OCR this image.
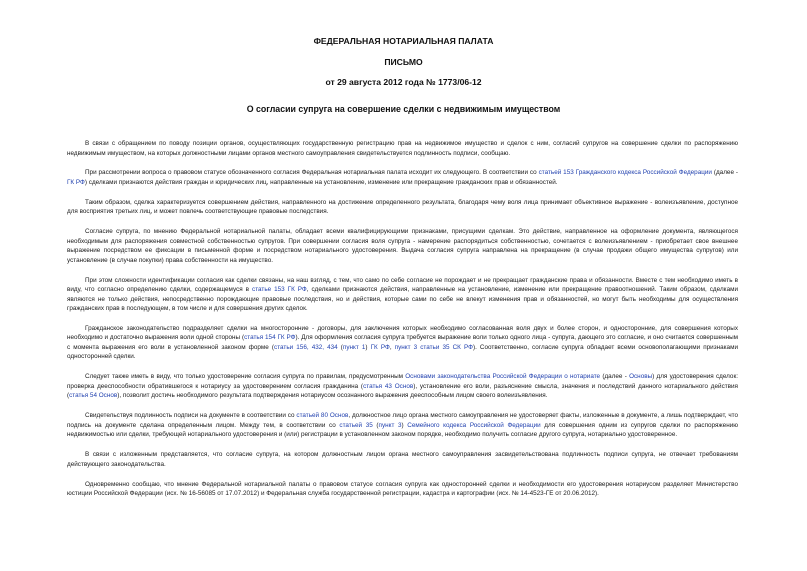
ФЕДЕРАЛЬНАЯ НОТАРИАЛЬНАЯ ПАЛАТА
ПИСЬМО
от 29 августа 2012 года № 1773/06-12
О согласии супруга на совершение сделки с недвижимым имуществом

В связи с обращением по поводу позиции органов, осуществляющих государственную регистрацию прав на недвижимое имущество и сделок с ним, согласий супругов на совершение сделки по распоряжению недвижимым имуществом, на которых должностными лицами органов местного самоуправления свидетельствуется подлинность подписи, сообщаю.

При рассмотрении вопроса о правовом статусе обозначенного согласия Федеральная нотариальная палата исходит их следующего. В соответствии со статьей 153 Гражданского кодекса Российской Федерации (далее - ГК РФ) сделками признаются действия граждан и юридических лиц, направленные на установление, изменение или прекращение гражданских прав и обязанностей.

Таким образом, сделка характеризуется совершением действия, направленного на достижение определенного результата, благодаря чему воля лица принимает объективное выражение - волеизъявление, доступное для восприятия третьих лиц, и может повлечь соответствующие правовые последствия.

Согласие супруга, по мнению Федеральной нотариальной палаты, обладает всеми квалифицирующими признаками, присущими сделкам. Это действие, направленное на оформление документа, являющегося необходимым для распоряжения совместной собственностью супругов. При совершении согласия воля супруга - намерение распорядиться собственностью, сочетается с волеизъявлением - приобретает свое внешнее выражение посредством ее фиксации в письменной форме и посредством нотариального удостоверения. Выдача согласия супруга направлена на прекращение (в случае продажи общего имущества супругов) или установление (в случае покупки) права собственности на имущество.

При этом сложности идентификации согласия как сделки связаны, на наш взгляд, с тем, что само по себе согласие не порождает и не прекращает гражданские права и обязанности. Вместе с тем необходимо иметь в виду, что согласно определению сделки, содержащемуся в статье 153 ГК РФ, сделками признаются действия, направленные на установление, изменение или прекращение правоотношений. Таким образом, сделками являются не только действия, непосредственно порождающие правовые последствия, но и действия, которые сами по себе не влекут изменения прав и обязанностей, но могут быть необходимы для осуществления гражданских прав в последующем, в том числе и для совершения других сделок.

Гражданское законодательство подразделяет сделки на многосторонние - договоры, для заключения которых необходимо согласованная воля двух и более сторон, и односторонние, для совершения которых необходимо и достаточно выражения воли одной стороны (статья 154 ГК РФ). Для оформления согласия супруга требуется выражение воли только одного лица - супруга, дающего это согласие, и оно считается совершенным с момента выражения его воли в установленной законом форме (статьи 156, 432, 434 (пункт 1) ГК РФ, пункт 3 статьи 35 СК РФ). Соответственно, согласие супруга обладает всеми основополагающими признаками односторонней сделки.

Следует также иметь в виду, что только удостоверение согласия супруга по правилам, предусмотренным Основами законодательства Российской Федерации о нотариате (далее - Основы) для удостоверения сделок: проверка дееспособности обратившегося к нотариусу за удостоверением согласия гражданина (статья 43 Основ), установление его воли, разъяснение смысла, значения и последствий данного нотариального действия (статья 54 Основ), позволит достичь необходимого результата подтверждения нотариусом осознанного выражения дееспособным лицом своего волеизъявления.

Свидетельствуя подлинность подписи на документе в соответствии со статьей 80 Основ, должностное лицо органа местного самоуправления не удостоверяет факты, изложенные в документе, а лишь подтверждает, что подпись на документе сделана определенным лицом. Между тем, в соответствии со статьей 35 (пункт 3) Семейного кодекса Российской Федерации для совершения одним из супругов сделки по распоряжению недвижимостью или сделки, требующей нотариального удостоверения и (или) регистрации в установленном законом порядке, необходимо получить согласие другого супруга, нотариально удостоверенное.

В связи с изложенным представляется, что согласие супруга, на котором должностным лицом органа местного самоуправления засвидетельствована подлинность подписи супруга, не отвечает требованиям действующего законодательства.

Одновременно сообщаю, что мнение Федеральной нотариальной палаты о правовом статусе согласия супруга как односторонней сделки и необходимости его удостоверения нотариусом разделяет Министерство юстиции Российской Федерации (исх. № 16-56085 от 17.07.2012) и Федеральная служба государственной регистрации, кадастра и картографии (исх. № 14-4523-ГЕ от 20.06.2012).
